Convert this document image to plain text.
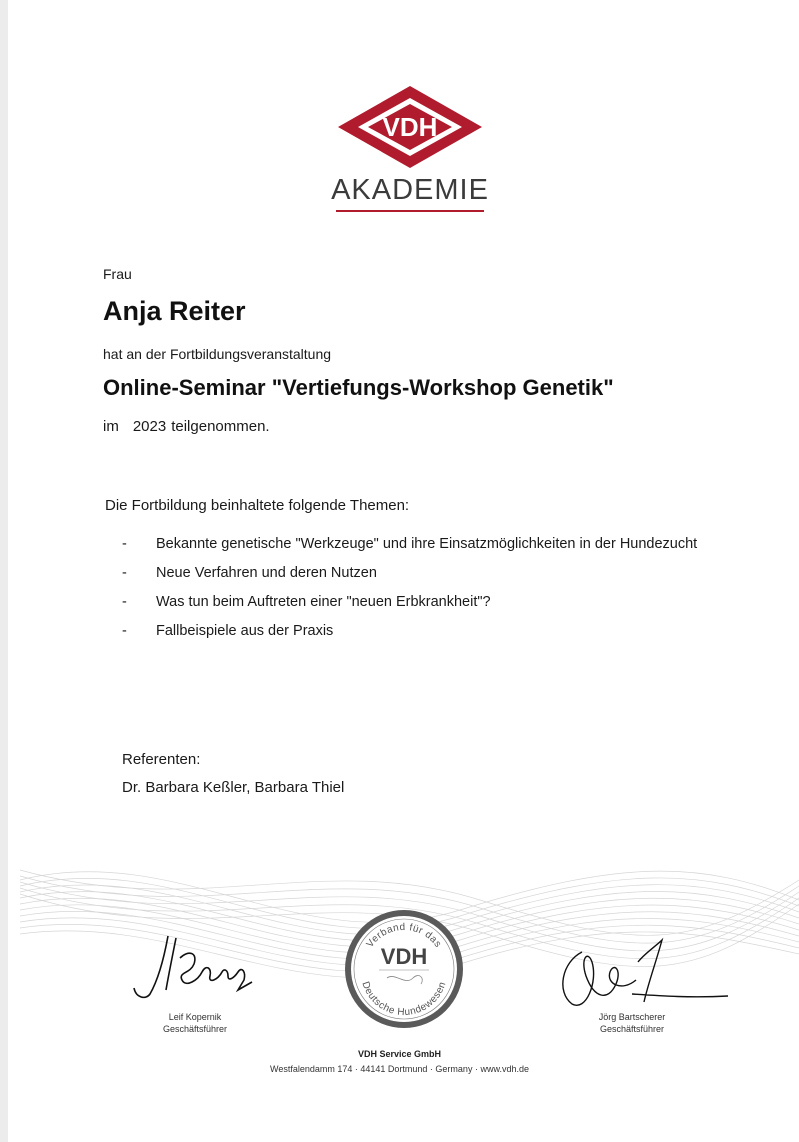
VDH
AKADEMIE
Frau
Anja Reiter
hat an der Fortbildungsveranstaltung
Online-Seminar "Vertiefungs-Workshop Genetik"
im 2023 teilgenommen.
Die Fortbildung beinhaltete folgende Themen:
- Bekannte genetische "Werkzeuge" und ihre Einsatzmöglichkeiten in der Hundezucht
- Neue Verfahren und deren Nutzen
- Was tun beim Auftreten einer "neuen Erbkrankheit"?
- Fallbeispiele aus der Praxis
Referenten:
Dr. Barbara Keßler, Barbara Thiel
Leif Kopernik
Geschäftsführer
Jörg Bartscherer
Geschäftsführer
VDH
Verband für das
Deutsche Hundewesen
VDH Service GmbH
Westfalendamm 174 · 44141 Dortmund · Germany · www.vdh.de
